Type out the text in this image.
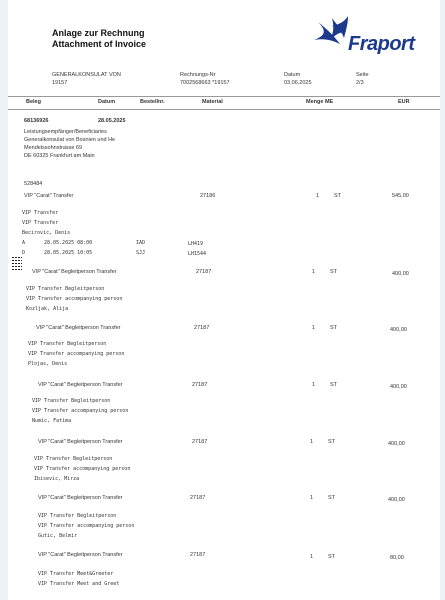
Anlage zur Rechnung
Attachment of Invoice	Fraport
GENERALKONSULAT VON
19157
Rechnungs-Nr
7002568663 *19157
Datum
03.06.2025
Seite
2/3
Beleg	Datum	Bestellnr.	Material	Menge ME	EUR
68136926	28.05.2025
Leistungsempfänger/Beneficiaries
Generalkonsulat von Bosnien und He
Mendelssohnstrasse 69
DE 60325 Frankfurt am Main
528484
VIP "Carat" Transfer	27186	1	ST	545,00
VIP Transfer
VIP Transfer
Becirovic, Denis
A	28.05.2025 08:00	IAD	LH419
D	28.05.2025 10:05	SJJ	LH1544
VIP "Carat" Begleitperson Transfer	27187	1	ST	400,00
VIP Transfer Begleitperson
VIP Transfer accompanying person
Kozljak, Alija
VIP "Carat" Begleitperson Transfer	27187	1	ST	400,00
VIP Transfer Begleitperson
VIP Transfer accompanying person
Plojas, Denis
VIP "Carat" Begleitperson Transfer	27187	1	ST	400,00
VIP Transfer Begleitperson
VIP Transfer accompanying person
Numic, Fatima
VIP "Carat" Begleitperson Transfer	27187	1	ST	400,00
VIP Transfer Begleitperson
VIP Transfer accompanying person
Ibisevic, Mirza
VIP "Carat" Begleitperson Transfer	27187	1	ST	400,00
VIP Transfer Begleitperson
VIP Transfer accompanying person
Gutic, Belmir
VIP "Carat" Begleitperson Transfer	27187	1	ST	80,00
VIP Transfer Meet&Greeter
VIP Transfer Meet and Greet
